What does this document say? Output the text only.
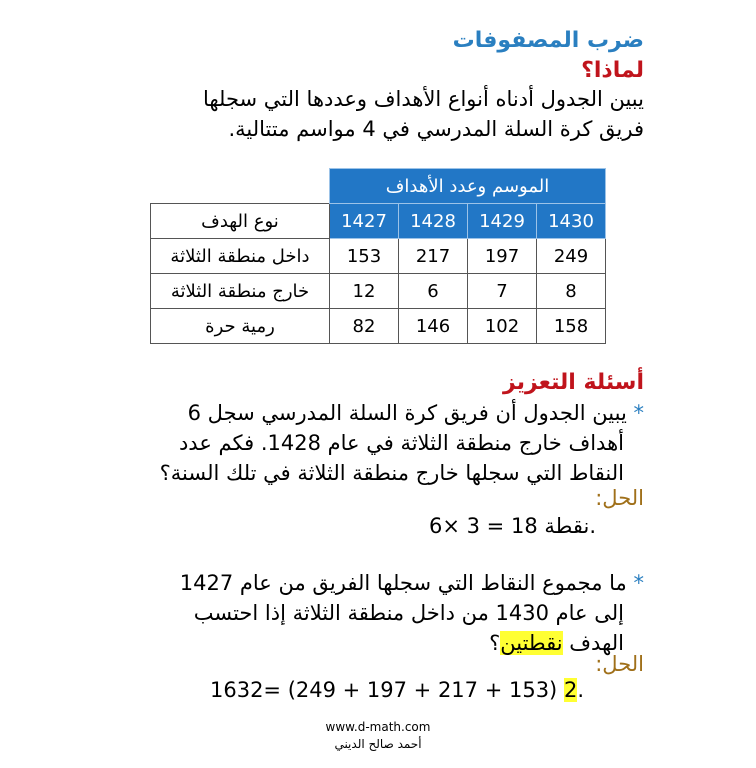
ضرب المصفوفات
لماذا؟
يبين الجدول أدناه أنواع الأهداف وعددها التي سجلها
فريق كرة السلة المدرسي في 4 مواسم متتالية.
	الموسم وعدد الأهداف			
نوع الهدف	1427	1428	1429	1430
داخل منطقة الثلاثة	153	217	197	249
خارج منطقة الثلاثة	12	6	7	8
رمية حرة	82	146	102	158
أسئلة التعزيز
* يبين الجدول أن فريق كرة السلة المدرسي سجل 6
أهداف خارج منطقة الثلاثة في عام 1428. فكم عدد
النقاط التي سجلها خارج منطقة الثلاثة في تلك السنة؟
الحل:
6× 3 = 18 نقطة.
* ما مجموع النقاط التي سجلها الفريق من عام 1427
إلى عام 1430 من داخل منطقة الثلاثة إذا احتسب
الهدف نقطتين؟
الحل:
1632= (249 + 197 + 217 + 153) 2.
www.d-math.com
أحمد صالح الديني
